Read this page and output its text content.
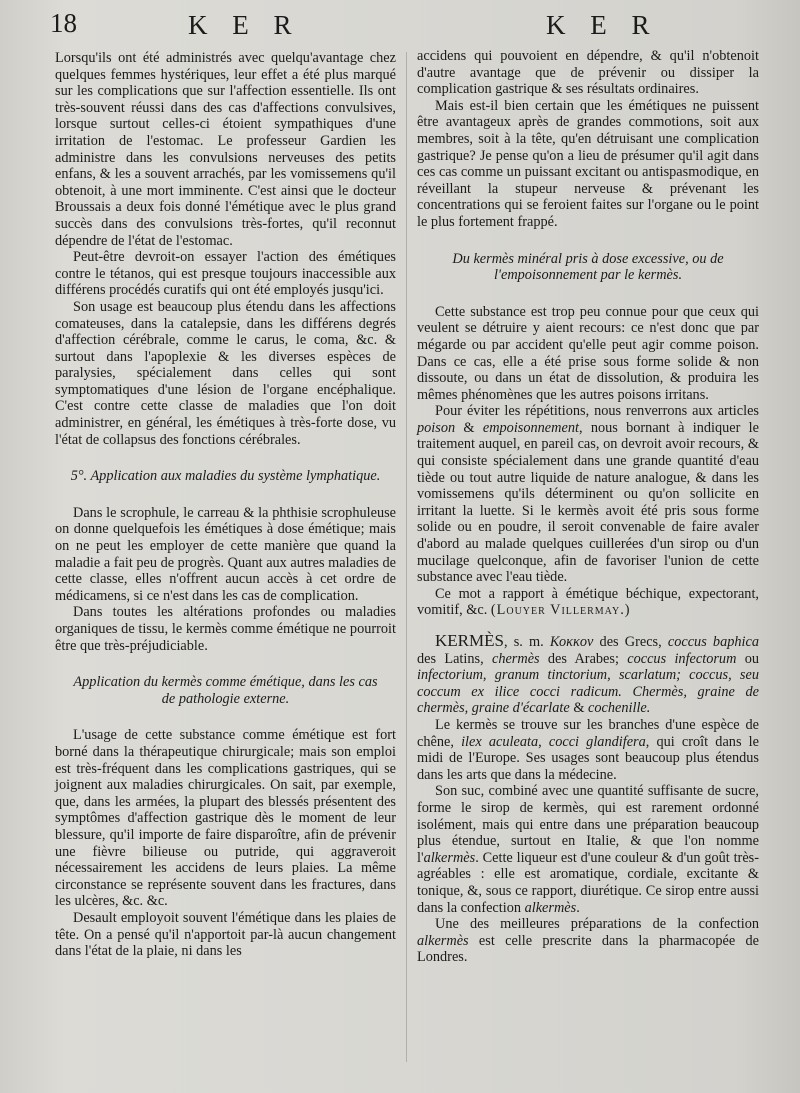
18	K E R	K E R

Lorsqu'ils ont été administrés avec quelqu'avantage chez quelques femmes hystériques, leur effet a été plus marqué sur les complications que sur l'affection essentielle. Ils ont très-souvent réussi dans des cas d'affections convulsives, lorsque surtout celles-ci étoient sympathiques d'une irritation de l'estomac. Le professeur Gardien les administre dans les convulsions nerveuses des petits enfans, & les a souvent arrachés, par les vomissemens qu'il obtenoit, à une mort imminente. C'est ainsi que le docteur Broussais a deux fois donné l'émétique avec le plus grand succès dans des convulsions très-fortes, qu'il reconnut dépendre de l'état de l'estomac.

Peut-être devroit-on essayer l'action des émétiques contre le tétanos, qui est presque toujours inaccessible aux différens procédés curatifs qui ont été employés jusqu'ici.

Son usage est beaucoup plus étendu dans les affections comateuses, dans la catalepsie, dans les différens degrés d'affection cérébrale, comme le carus, le coma, &c. & surtout dans l'apoplexie & les diverses espèces de paralysies, spécialement dans celles qui sont symptomatiques d'une lésion de l'organe encéphalique. C'est contre cette classe de maladies que l'on doit administrer, en général, les émétiques à très-forte dose, vu l'état de collapsus des fonctions cérébrales.

5°. Application aux maladies du système lymphatique.

Dans le scrophule, le carreau & la phthisie scrophuleuse on donne quelquefois les émétiques à dose émétique; mais on ne peut les employer de cette manière que quand la maladie a fait peu de progrès. Quant aux autres maladies de cette classe, elles n'offrent aucun accès à cet ordre de médicamens, si ce n'est dans les cas de complication.

Dans toutes les altérations profondes ou maladies organiques de tissu, le kermès comme émétique ne pourroit être que très-préjudiciable.

Application du kermès comme émétique, dans les cas de pathologie externe.

L'usage de cette substance comme émétique est fort borné dans la thérapeutique chirurgicale; mais son emploi est très-fréquent dans les complications gastriques, qui se joignent aux maladies chirurgicales. On sait, par exemple, que, dans les armées, la plupart des blessés présentent des symptômes d'affection gastrique dès le moment de leur blessure, qu'il importe de faire disparoître, afin de prévenir une fièvre bilieuse ou putride, qui aggraveroit nécessairement les accidens de leurs plaies. La même circonstance se représente souvent dans les fractures, dans les ulcères, &c. &c.

Desault employoit souvent l'émétique dans les plaies de tête. On a pensé qu'il n'apportoit par-là aucun changement dans l'état de la plaie, ni dans les

accidens qui pouvoient en dépendre, & qu'il n'obtenoit d'autre avantage que de prévenir ou dissiper la complication gastrique & ses résultats ordinaires.

Mais est-il bien certain que les émétiques ne puissent être avantageux après de grandes commotions, soit aux membres, soit à la tête, qu'en détruisant une complication gastrique? Je pense qu'on a lieu de présumer qu'il agit dans ces cas comme un puissant excitant ou antispasmodique, en réveillant la stupeur nerveuse & prévenant les concentrations qui se feroient faites sur l'organe ou le point le plus fortement frappé.

Du kermès minéral pris à dose excessive, ou de l'empoisonnement par le kermès.

Cette substance est trop peu connue pour que ceux qui veulent se détruire y aient recours: ce n'est donc que par mégarde ou par accident qu'elle peut agir comme poison. Dans ce cas, elle a été prise sous forme solide & non dissoute, ou dans un état de dissolution, & produira les mêmes phénomènes que les autres poisons irritans.

Pour éviter les répétitions, nous renverrons aux articles poison & empoisonnement, nous bornant à indiquer le traitement auquel, en pareil cas, on devroit avoir recours, & qui consiste spécialement dans une grande quantité d'eau tiède ou tout autre liquide de nature analogue, & dans les vomissemens qu'ils déterminent ou qu'on sollicite en irritant la luette. Si le kermès avoit été pris sous forme solide ou en poudre, il seroit convenable de faire avaler d'abord au malade quelques cuillerées d'un sirop ou d'un mucilage quelconque, afin de favoriser l'union de cette substance avec l'eau tiède.

Ce mot a rapport à émétique béchique, expectorant, vomitif, &c. (Louyer Villermay.)

KERMÈS, s. m. Κοκκον des Grecs, coccus baphica des Latins, chermès des Arabes; coccus infectorum ou infectorium, granum tinctorium, scarlatum; coccus, seu coccum ex ilice cocci radicum. Chermès, graine de chermès, graine d'écarlate & cochenille.

Le kermès se trouve sur les branches d'une espèce de chêne, ilex aculeata, cocci glandifera, qui croît dans le midi de l'Europe. Ses usages sont beaucoup plus étendus dans les arts que dans la médecine.

Son suc, combiné avec une quantité suffisante de sucre, forme le sirop de kermès, qui est rarement ordonné isolément, mais qui entre dans une préparation beaucoup plus étendue, surtout en Italie, & que l'on nomme l'alkermès. Cette liqueur est d'une couleur & d'un goût très-agréables : elle est aromatique, cordiale, excitante & tonique, &, sous ce rapport, diurétique. Ce sirop entre aussi dans la confection alkermès.

Une des meilleures préparations de la confection alkermès est celle prescrite dans la pharmacopée de Londres.
